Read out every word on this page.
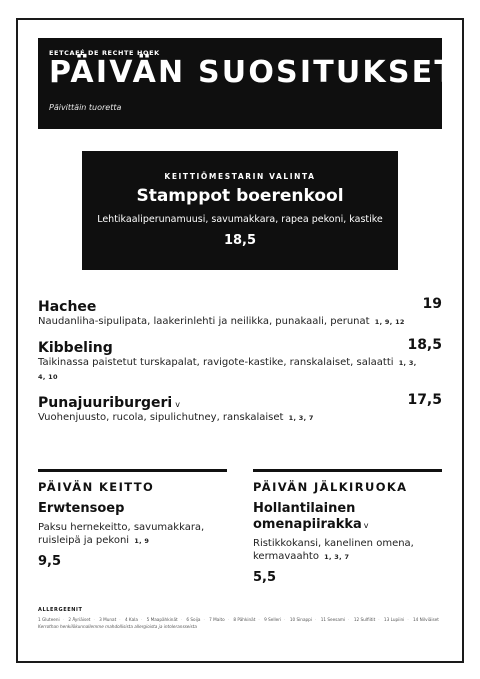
EETCAFÉ DE RECHTE HOEK
PÄIVÄN SUOSITUKSET
Päivittäin tuoretta
KEITTIÖMESTARIN VALINTA
Stamppot boerenkool
Lehtikaaliperunamuusi, savumakkara, rapea pekoni, kastike
18,5
Hachee	19
Naudanliha-sipulipata, laakerinlehti ja neilikka, punakaali, perunat 1, 9, 12
Kibbeling	18,5
Taikinassa paistetut turskapalat, ravigote-kastike, ranskalaiset, salaatti 1, 3, 4, 10
Punajuuriburgeri v	17,5
Vuohenjuusto, rucola, sipulichutney, ranskalaiset 1, 3, 7
PÄIVÄN KEITTO
Erwtensoep
Paksu hernekeitto, savumakkara, ruisleipä ja pekoni 1, 9
9,5
PÄIVÄN JÄLKIRUOKA
Hollantilainen omenapiirakka v
Ristikkokansi, kanelinen omena, kermavaahto 1, 3, 7
5,5
ALLERGEENIT
1 Gluteeni · 2 Äyriäiset · 3 Munat · 4 Kala · 5 Maapähkinät · 6 Soija · 7 Maito · 8 Pähkinät · 9 Selleri · 10 Sinappi · 11 Seesami · 12 Sulfiitit · 13 Lupiini · 14 Nilviäiset
Kerrothan henkilökunnallemme mahdollisista allergioista ja intoleransseista
